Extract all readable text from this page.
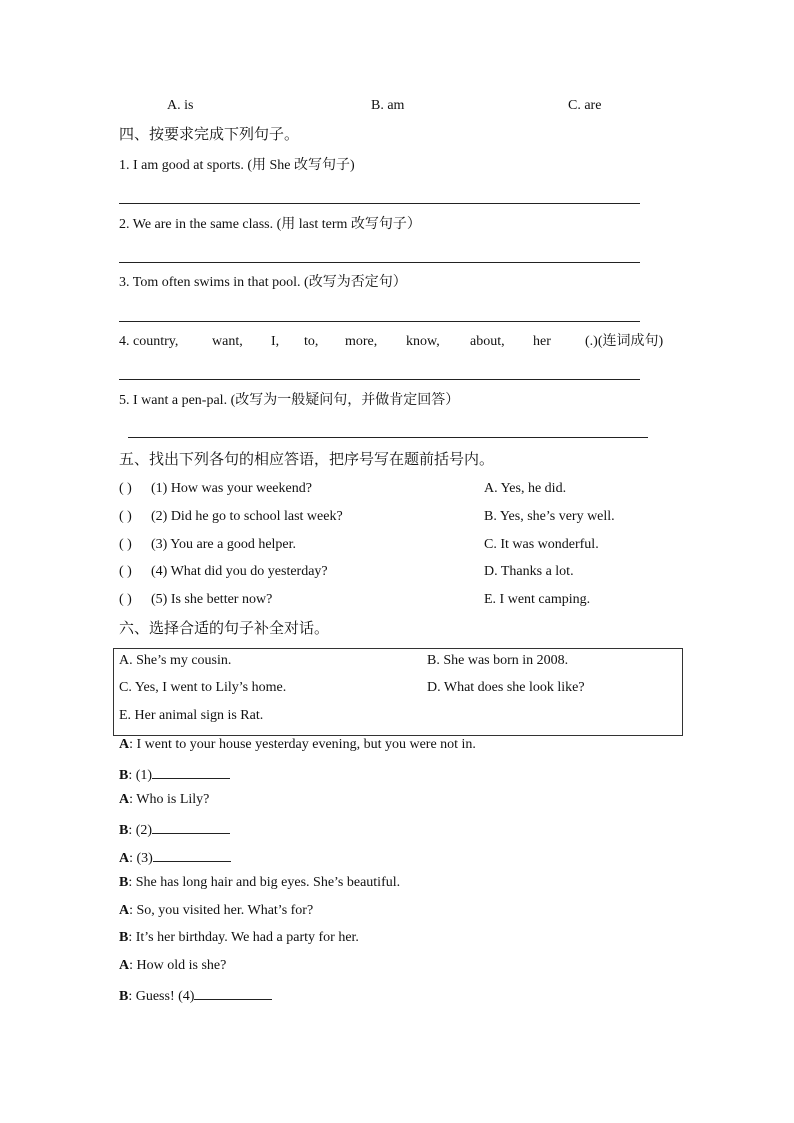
A. is	B. am	C. are
四、按要求完成下列句子。
1. I am good at sports. (用 She 改写句子)
2. We are in the same class. (用 last term 改写句子）
3. Tom often swims in that pool. (改写为否定句）
4. country, want, I, to, more, know, about, her (.)(连词成句)
5. I want a pen-pal. (改写为一般疑问句，并做肯定回答）
五、找出下列各句的相应答语，把序号写在题前括号内。
( ) (1) How was your weekend?	A. Yes, he did.
( ) (2) Did he go to school last week?	B. Yes, she’s very well.
( ) (3) You are a good helper.	C. It was wonderful.
( ) (4) What did you do yesterday?	D. Thanks a lot.
( ) (5) Is she better now?	E. I went camping.
六、选择合适的句子补全对话。
A. She’s my cousin.	B. She was born in 2008.
C. Yes, I went to Lily’s home.	D. What does she look like?
E. Her animal sign is Rat.
A: I went to your house yesterday evening, but you were not in.
B: (1)
A: Who is Lily?
B: (2)
A: (3)
B: She has long hair and big eyes. She’s beautiful.
A: So, you visited her. What’s for?
B: It’s her birthday. We had a party for her.
A: How old is she?
B: Guess! (4)
